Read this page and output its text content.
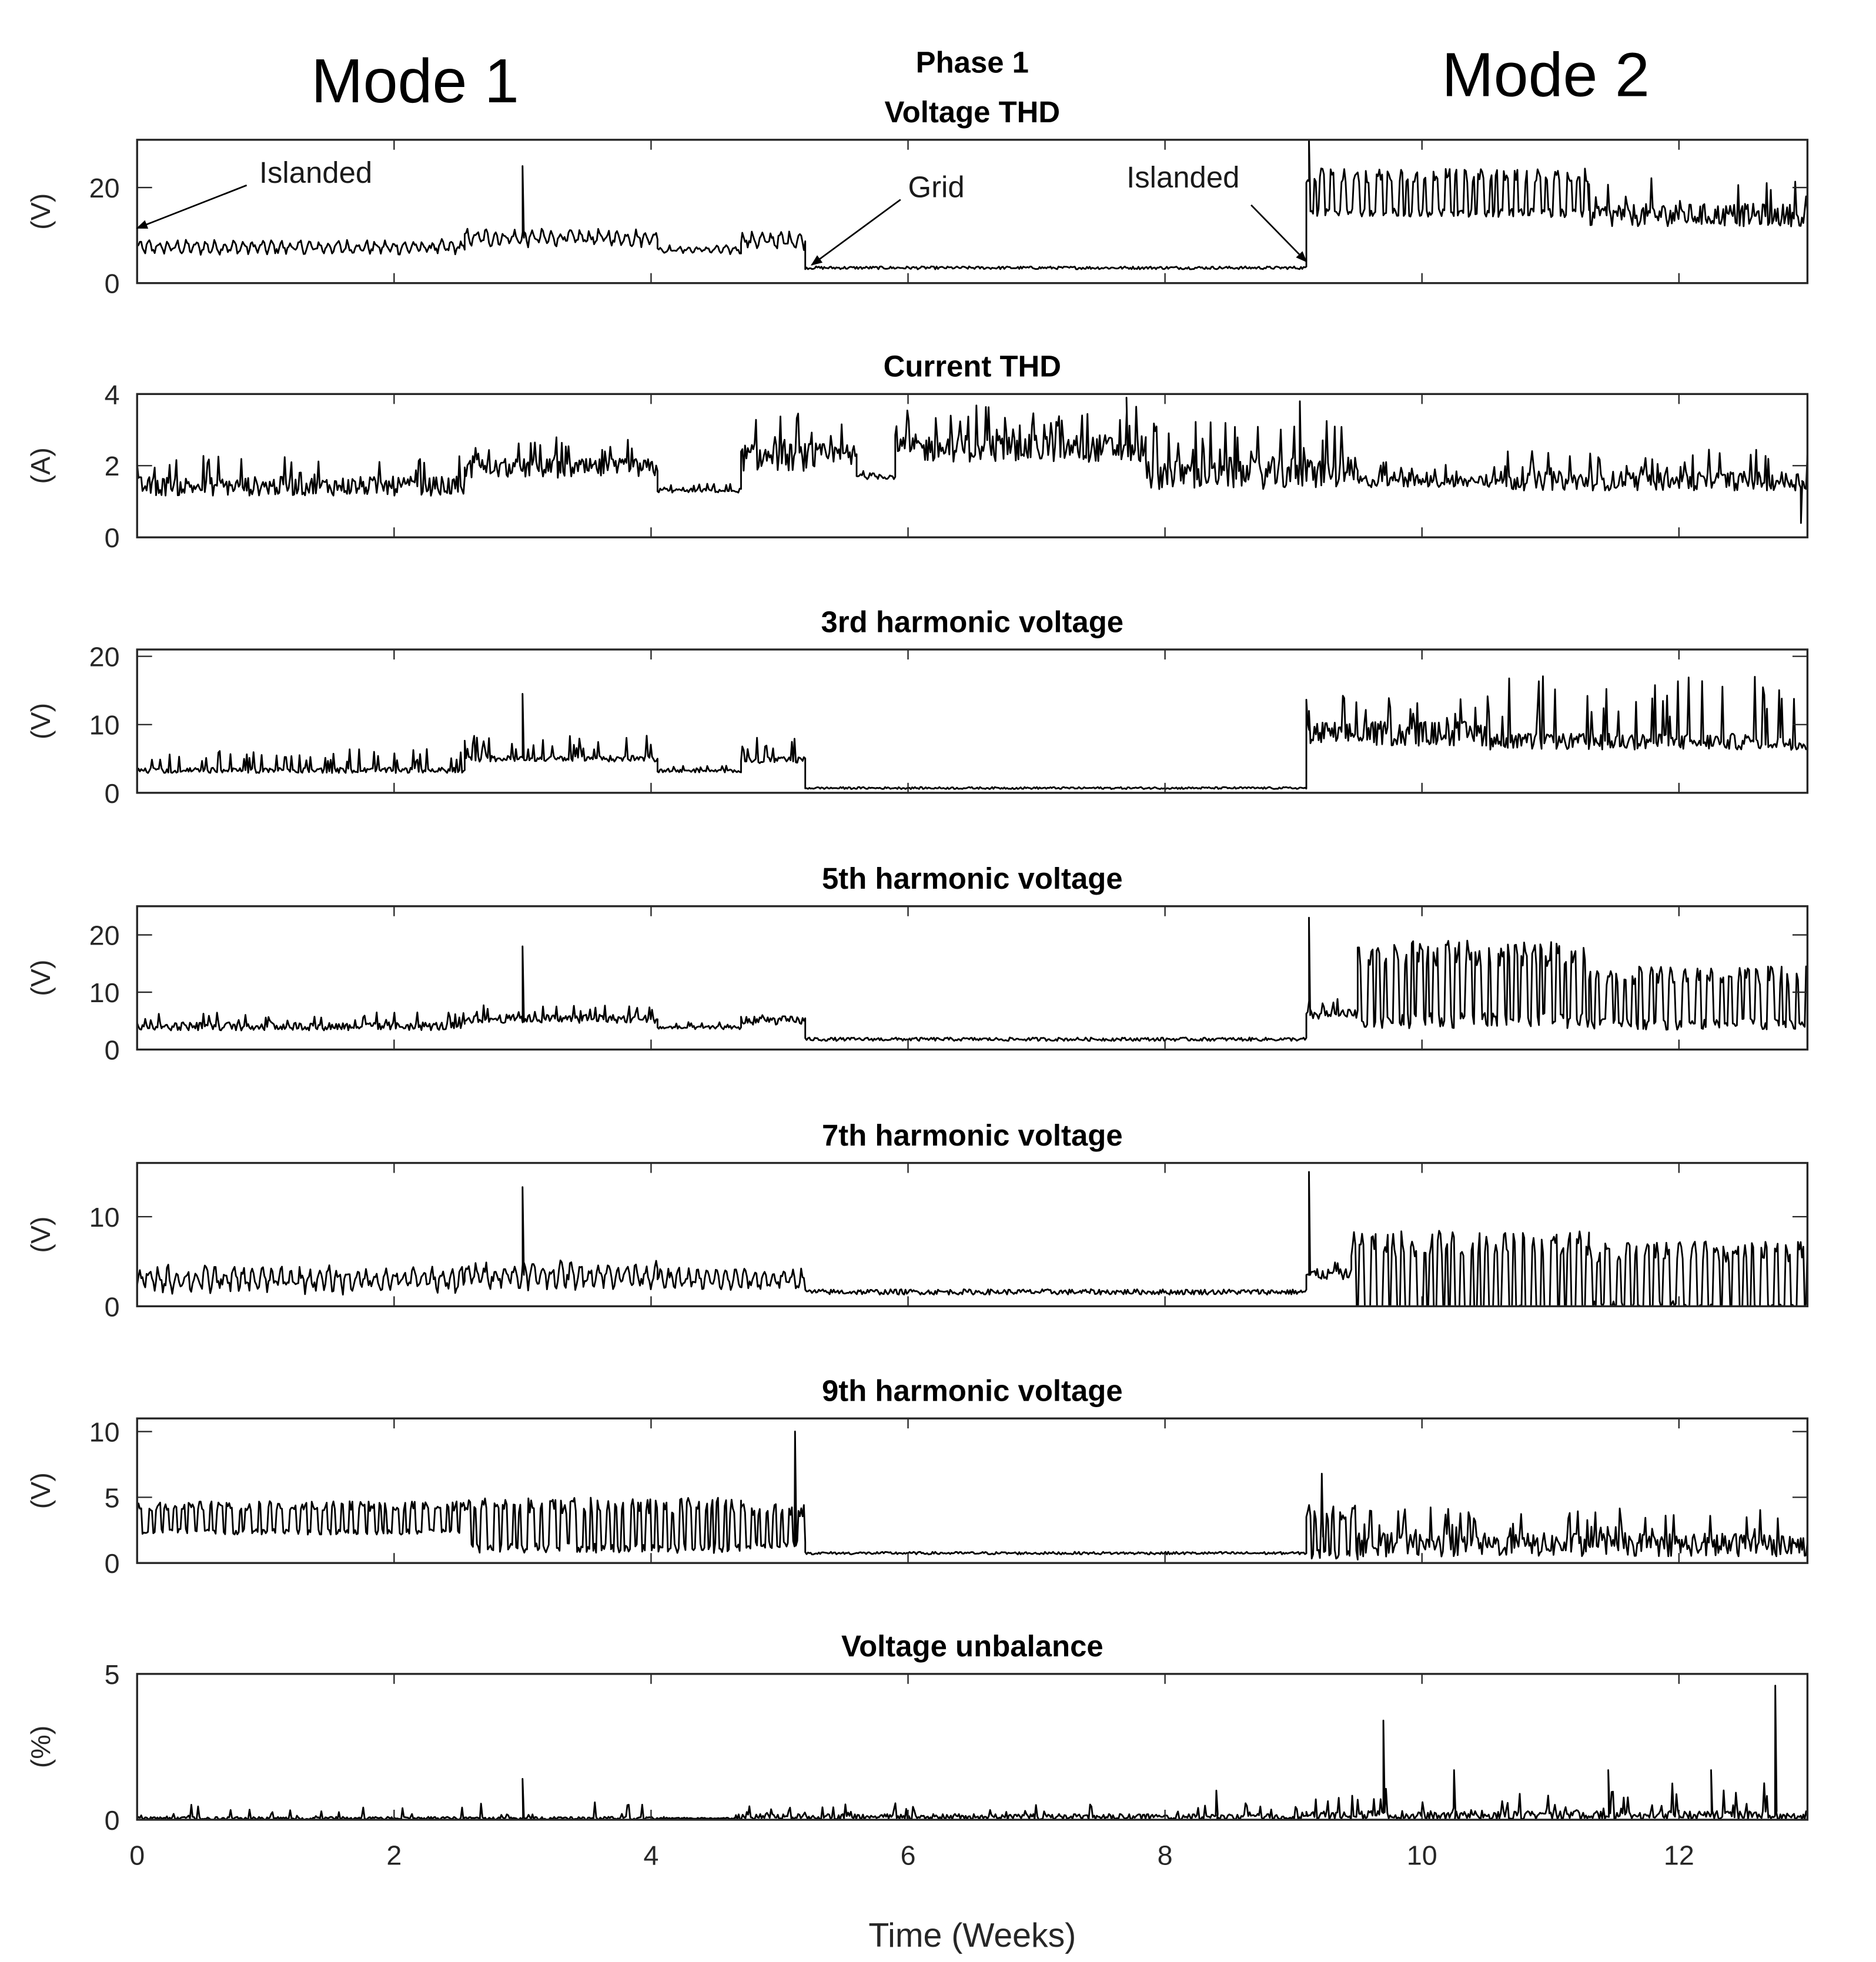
Mode 1	Mode 2
Phase 1
Voltage THD
0
20
(V)
Current THD
0
2
4
(A)
3rd harmonic voltage
0
10
20
(V)
5th harmonic voltage
0
10
20
(V)
7th harmonic voltage
0
10
(V)
9th harmonic voltage
0
5
10
(V)
Voltage unbalance
0
5
(%)
0	2	4	6	8	10	12
Islanded	Grid	Islanded
Time (Weeks)
